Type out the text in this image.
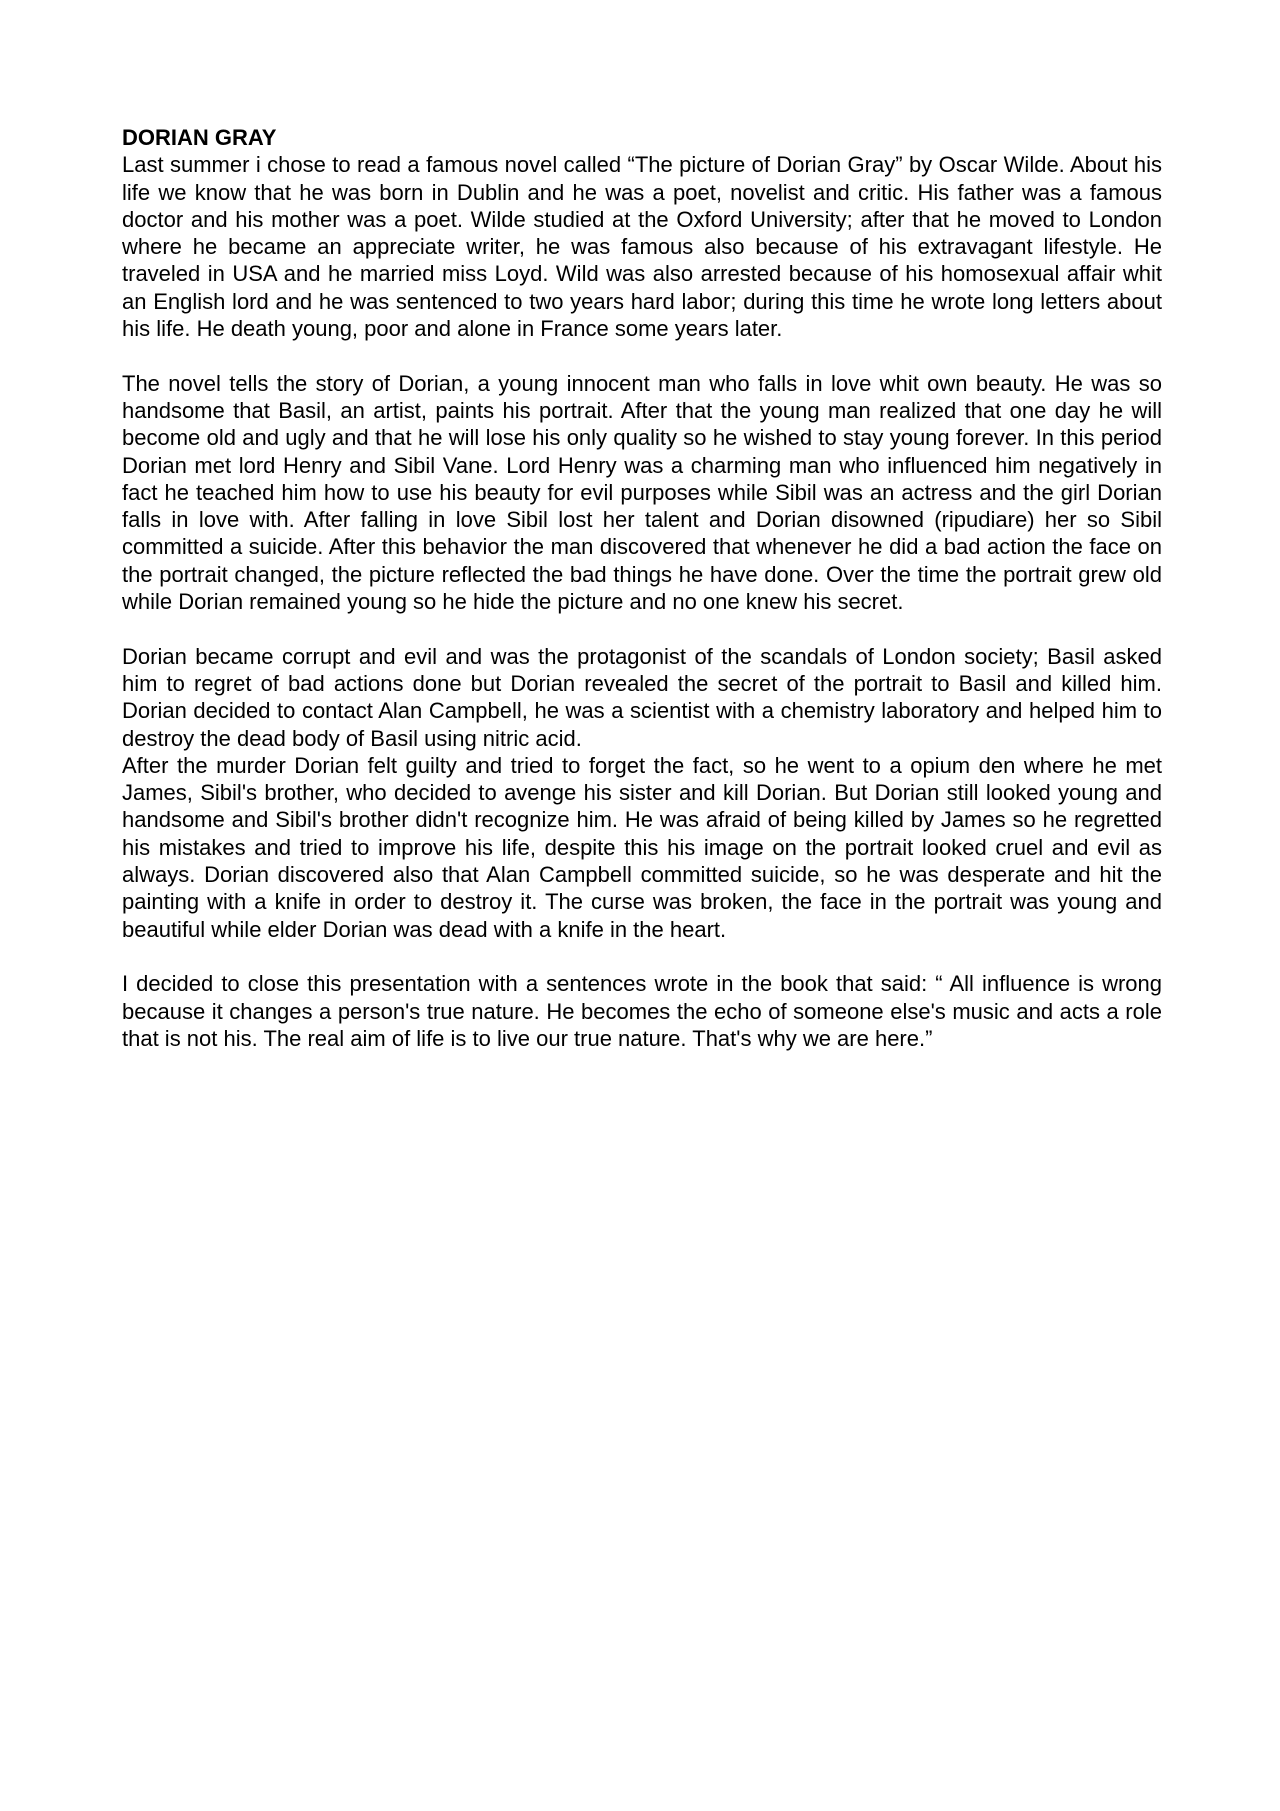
DORIAN GRAY

Last summer i chose to read a famous novel called “The picture of Dorian Gray” by Oscar Wilde. About his life we know that he was born in Dublin and he was a poet, novelist and critic. His father was a famous doctor and his mother was a poet. Wilde studied at the Oxford University; after that he moved to London where he became an appreciate writer, he was famous also because of his extravagant lifestyle. He traveled in USA and he married miss Loyd. Wild was also arrested because of his homosexual affair whit an English lord and he was sentenced to two years hard labor; during this time he wrote long letters about his life. He death young, poor and alone in France some years later.

The novel tells the story of Dorian, a young innocent man who falls in love whit own beauty. He was so handsome that Basil, an artist, paints his portrait. After that the young man realized that one day he will become old and ugly and that he will lose his only quality so he wished to stay young forever. In this period Dorian met lord Henry and Sibil Vane. Lord Henry was a charming man who influenced him negatively in fact he teached him how to use his beauty for evil purposes while Sibil was an actress and the girl Dorian falls in love with. After falling in love Sibil lost her talent and Dorian disowned (ripudiare) her so Sibil committed a suicide. After this behavior the man discovered that whenever he did a bad action the face on the portrait changed, the picture reflected the bad things he have done. Over the time the portrait grew old while Dorian remained young so he hide the picture and no one knew his secret.

Dorian became corrupt and evil and was the protagonist of the scandals of London society; Basil asked him to regret of bad actions done but Dorian revealed the secret of the portrait to Basil and killed him. Dorian decided to contact Alan Campbell, he was a scientist with a chemistry laboratory and helped him to destroy the dead body of Basil using nitric acid.

After the murder Dorian felt guilty and tried to forget the fact, so he went to a opium den where he met James, Sibil's brother, who decided to avenge his sister and kill Dorian. But Dorian still looked young and handsome and Sibil's brother didn't recognize him. He was afraid of being killed by James so he regretted his mistakes and tried to improve his life, despite this his image on the portrait looked cruel and evil as always. Dorian discovered also that Alan Campbell committed suicide, so he was desperate and hit the painting with a knife in order to destroy it. The curse was broken, the face in the portrait was young and beautiful while elder Dorian was dead with a knife in the heart.

I decided to close this presentation with a sentences wrote in the book that said: “ All influence is wrong because it changes a person's true nature. He becomes the echo of someone else's music and acts a role that is not his. The real aim of life is to live our true nature. That's why we are here.”
